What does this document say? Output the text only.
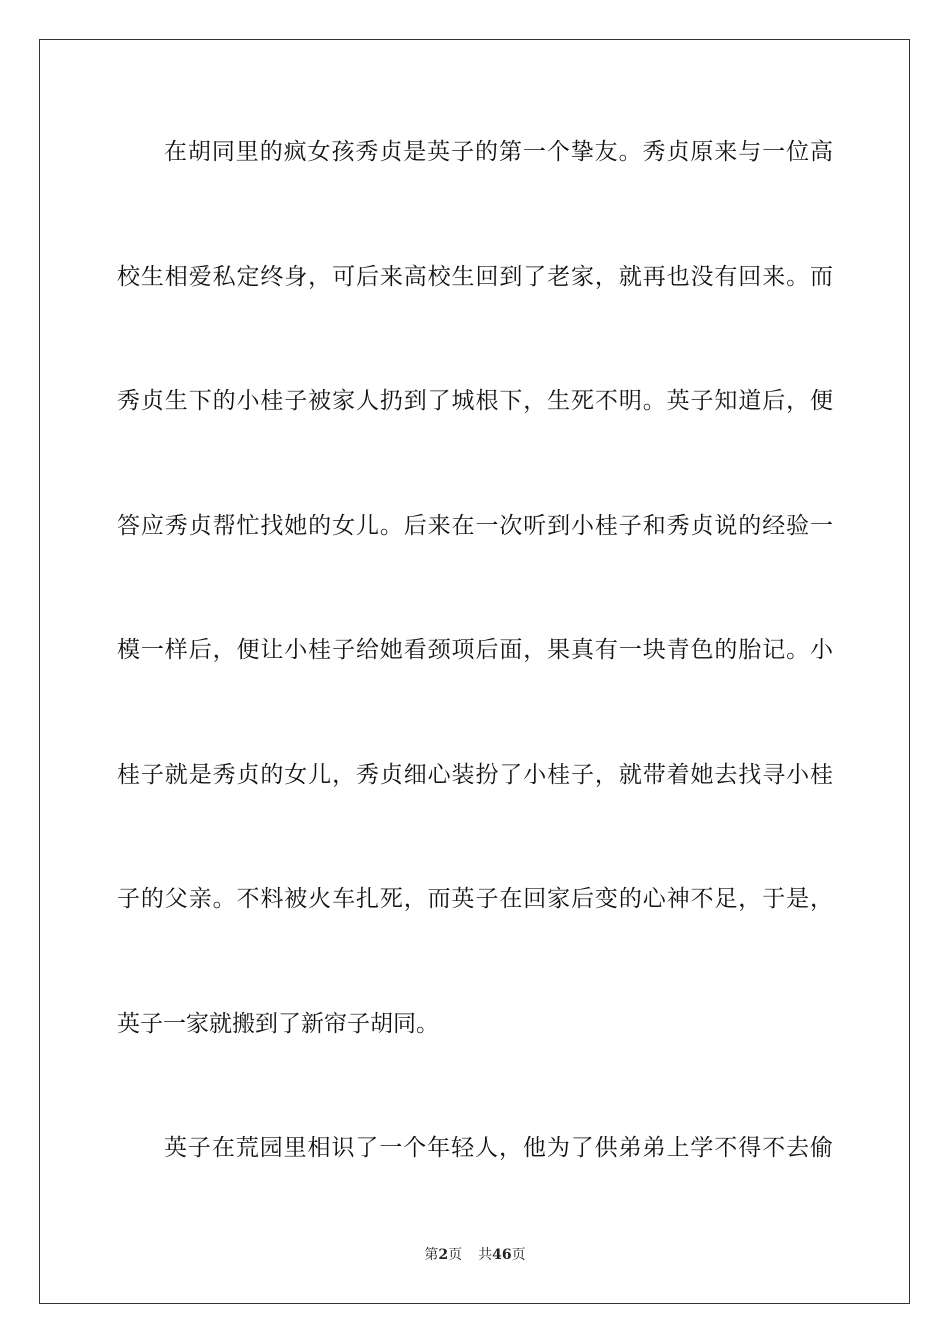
在胡同里的疯女孩秀贞是英子的第一个挚友。秀贞原来与一位高
校生相爱私定终身，可后来高校生回到了老家，就再也没有回来。而
秀贞生下的小桂子被家人扔到了城根下，生死不明。英子知道后，便
答应秀贞帮忙找她的女儿。后来在一次听到小桂子和秀贞说的经验一
模一样后，便让小桂子给她看颈项后面，果真有一块青色的胎记。小
桂子就是秀贞的女儿，秀贞细心装扮了小桂子，就带着她去找寻小桂
子的父亲。不料被火车扎死，而英子在回家后变的心神不足，于是，
英子一家就搬到了新帘子胡同。
英子在荒园里相识了一个年轻人，他为了供弟弟上学不得不去偷
第2页 共46页
